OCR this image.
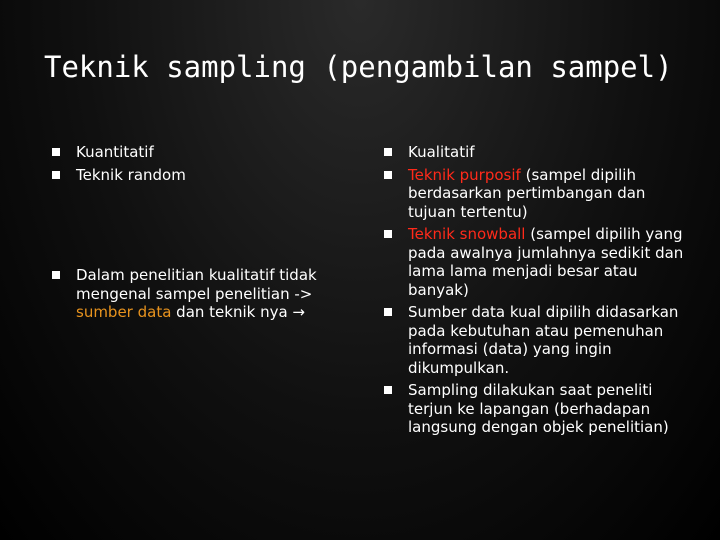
Teknik sampling (pengambilan sampel)
Kuantitatif
Teknik random
Dalam penelitian kualitatif tidak mengenal sampel penelitian -> sumber data dan teknik nya →
Kualitatif
Teknik purposif (sampel dipilih berdasarkan pertimbangan dan tujuan tertentu)
Teknik snowball (sampel dipilih yang pada awalnya jumlahnya sedikit dan lama lama menjadi besar atau banyak)
Sumber data kual dipilih didasarkan pada kebutuhan atau pemenuhan informasi (data) yang ingin dikumpulkan.
Sampling dilakukan saat peneliti terjun ke lapangan (berhadapan langsung dengan objek penelitian)
